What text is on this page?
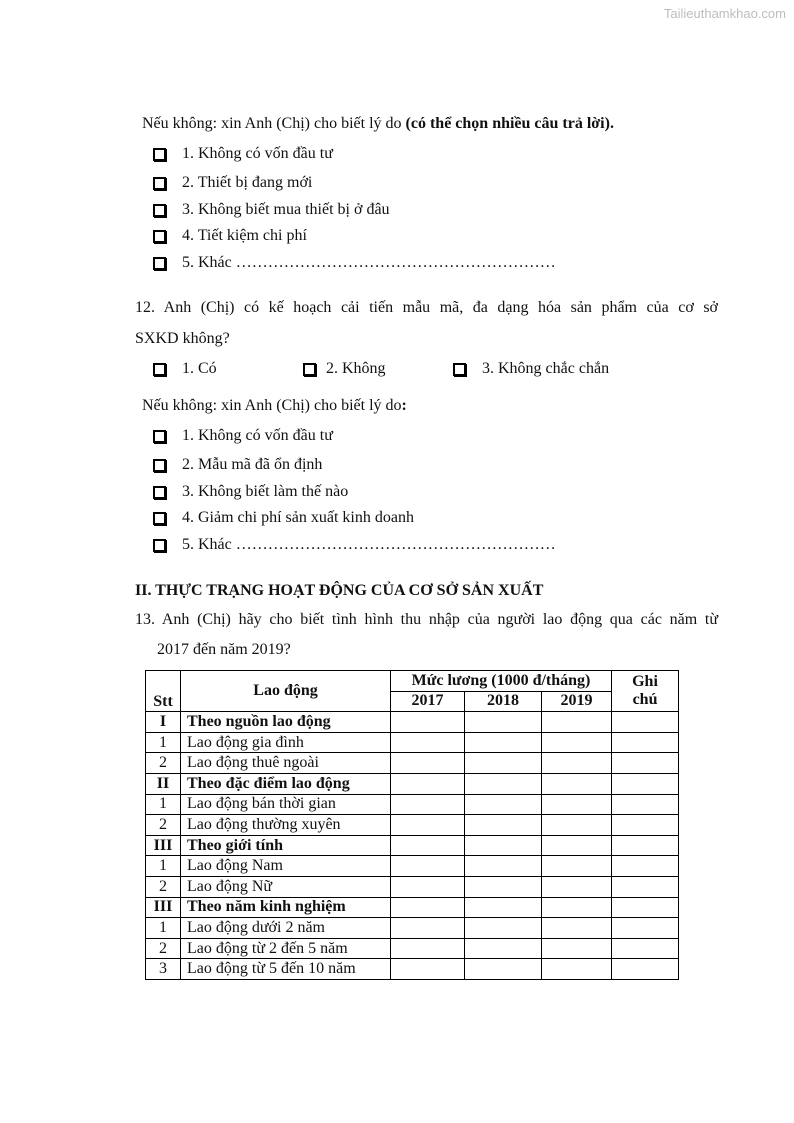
Tailieuthamkhao.com
Nếu không: xin Anh (Chị) cho biết lý do (có thể chọn nhiều câu trả lời).
1. Không có vốn đầu tư
2. Thiết bị đang mới
3. Không biết mua thiết bị ở đâu
4. Tiết kiệm chi phí
5. Khác ……………………………………………………
12. Anh (Chị) có kế hoạch cải tiến mẫu mã, đa dạng hóa sản phẩm của cơ sở
SXKD không?
1. Có	2. Không	3. Không chắc chắn
Nếu không: xin Anh (Chị) cho biết lý do:
1. Không có vốn đầu tư
2. Mẫu mã đã ổn định
3. Không biết làm thế nào
4. Giảm chi phí sản xuất kinh doanh
5. Khác ……………………………………………………
II. THỰC TRẠNG HOẠT ĐỘNG CỦA CƠ SỞ SẢN XUẤT
13. Anh (Chị) hãy cho biết tình hình thu nhập của người lao động qua các năm từ
2017 đến năm 2019?
Stt	Lao động	Mức lương (1000 đ/tháng)			Ghi
chú
		2017	2018	2019	
I	Theo nguồn lao động				
1	Lao động gia đình				
2	Lao động thuê ngoài				
II	Theo đặc điểm lao động				
1	Lao động bán thời gian				
2	Lao động thường xuyên				
III	Theo giới tính				
1	Lao động Nam				
2	Lao động Nữ				
III	Theo năm kinh nghiệm				
1	Lao động dưới 2 năm				
2	Lao động từ 2 đến 5 năm				
3	Lao động từ 5 đến 10 năm				
